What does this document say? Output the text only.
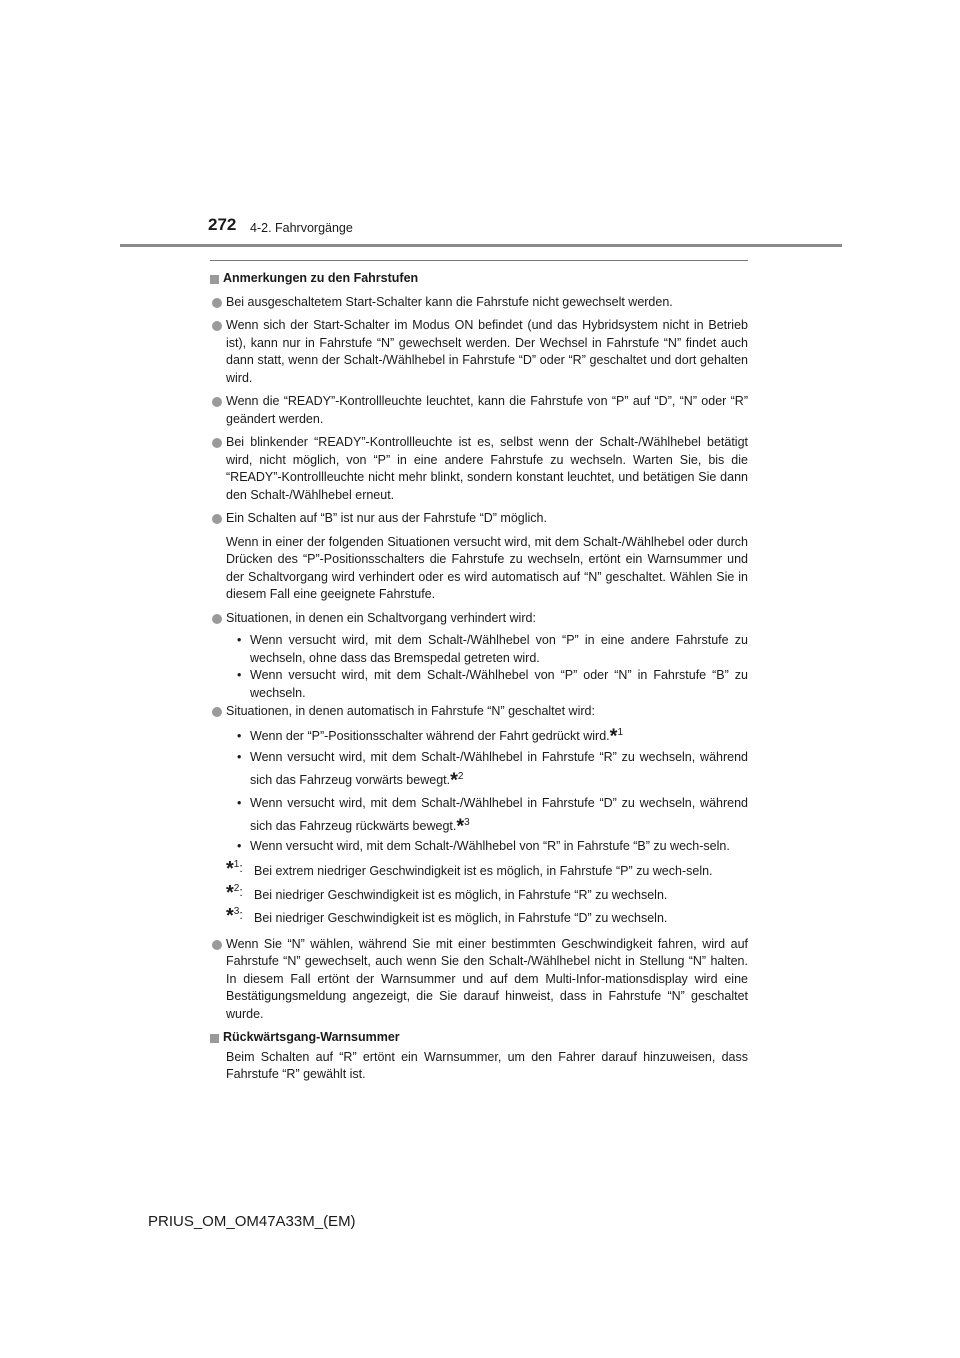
272 4-2. Fahrvorgänge
Anmerkungen zu den Fahrstufen
Bei ausgeschaltetem Start-Schalter kann die Fahrstufe nicht gewechselt werden.
Wenn sich der Start-Schalter im Modus ON befindet (und das Hybridsystem nicht in Betrieb ist), kann nur in Fahrstufe “N” gewechselt werden. Der Wechsel in Fahrstufe “N” findet auch dann statt, wenn der Schalt-/Wählhebel in Fahrstufe “D” oder “R” geschaltet und dort gehalten wird.
Wenn die “READY”-Kontrollleuchte leuchtet, kann die Fahrstufe von “P” auf “D”, “N” oder “R” geändert werden.
Bei blinkender “READY”-Kontrollleuchte ist es, selbst wenn der Schalt-/Wählhebel betätigt wird, nicht möglich, von “P” in eine andere Fahrstufe zu wechseln. Warten Sie, bis die “READY”-Kontrollleuchte nicht mehr blinkt, sondern konstant leuchtet, und betätigen Sie dann den Schalt-/Wählhebel erneut.
Ein Schalten auf “B” ist nur aus der Fahrstufe “D” möglich.
Wenn in einer der folgenden Situationen versucht wird, mit dem Schalt-/Wählhebel oder durch Drücken des “P”-Positionsschalters die Fahrstufe zu wechseln, ertönt ein Warnsummer und der Schaltvorgang wird verhindert oder es wird automatisch auf “N” geschaltet. Wählen Sie in diesem Fall eine geeignete Fahrstufe.
Situationen, in denen ein Schaltvorgang verhindert wird:
• Wenn versucht wird, mit dem Schalt-/Wählhebel von “P” in eine andere Fahrstufe zu wechseln, ohne dass das Bremspedal getreten wird.
• Wenn versucht wird, mit dem Schalt-/Wählhebel von “P” oder “N” in Fahrstufe “B” zu wechseln.
Situationen, in denen automatisch in Fahrstufe “N” geschaltet wird:
• Wenn der “P”-Positionsschalter während der Fahrt gedrückt wird.*$^1$
• Wenn versucht wird, mit dem Schalt-/Wählhebel in Fahrstufe “R” zu wechseln, während sich das Fahrzeug vorwärts bewegt.*$^2$
• Wenn versucht wird, mit dem Schalt-/Wählhebel in Fahrstufe “D” zu wechseln, während sich das Fahrzeug rückwärts bewegt.*$^3$
• Wenn versucht wird, mit dem Schalt-/Wählhebel von “R” in Fahrstufe “B” zu wech-seln.
*$^1$: Bei extrem niedriger Geschwindigkeit ist es möglich, in Fahrstufe “P” zu wech-seln.
*$^2$: Bei niedriger Geschwindigkeit ist es möglich, in Fahrstufe “R” zu wechseln.
*$^3$: Bei niedriger Geschwindigkeit ist es möglich, in Fahrstufe “D” zu wechseln.
Wenn Sie “N” wählen, während Sie mit einer bestimmten Geschwindigkeit fahren, wird auf Fahrstufe “N” gewechselt, auch wenn Sie den Schalt-/Wählhebel nicht in Stellung “N” halten. In diesem Fall ertönt der Warnsummer und auf dem Multi-Infor-mationsdisplay wird eine Bestätigungsmeldung angezeigt, die Sie darauf hinweist, dass in Fahrstufe “N” geschaltet wurde.
Rückwärtsgang-Warnsummer
Beim Schalten auf “R” ertönt ein Warnsummer, um den Fahrer darauf hinzuweisen, dass Fahrstufe “R” gewählt ist.
PRIUS_OM_OM47A33M_(EM)
